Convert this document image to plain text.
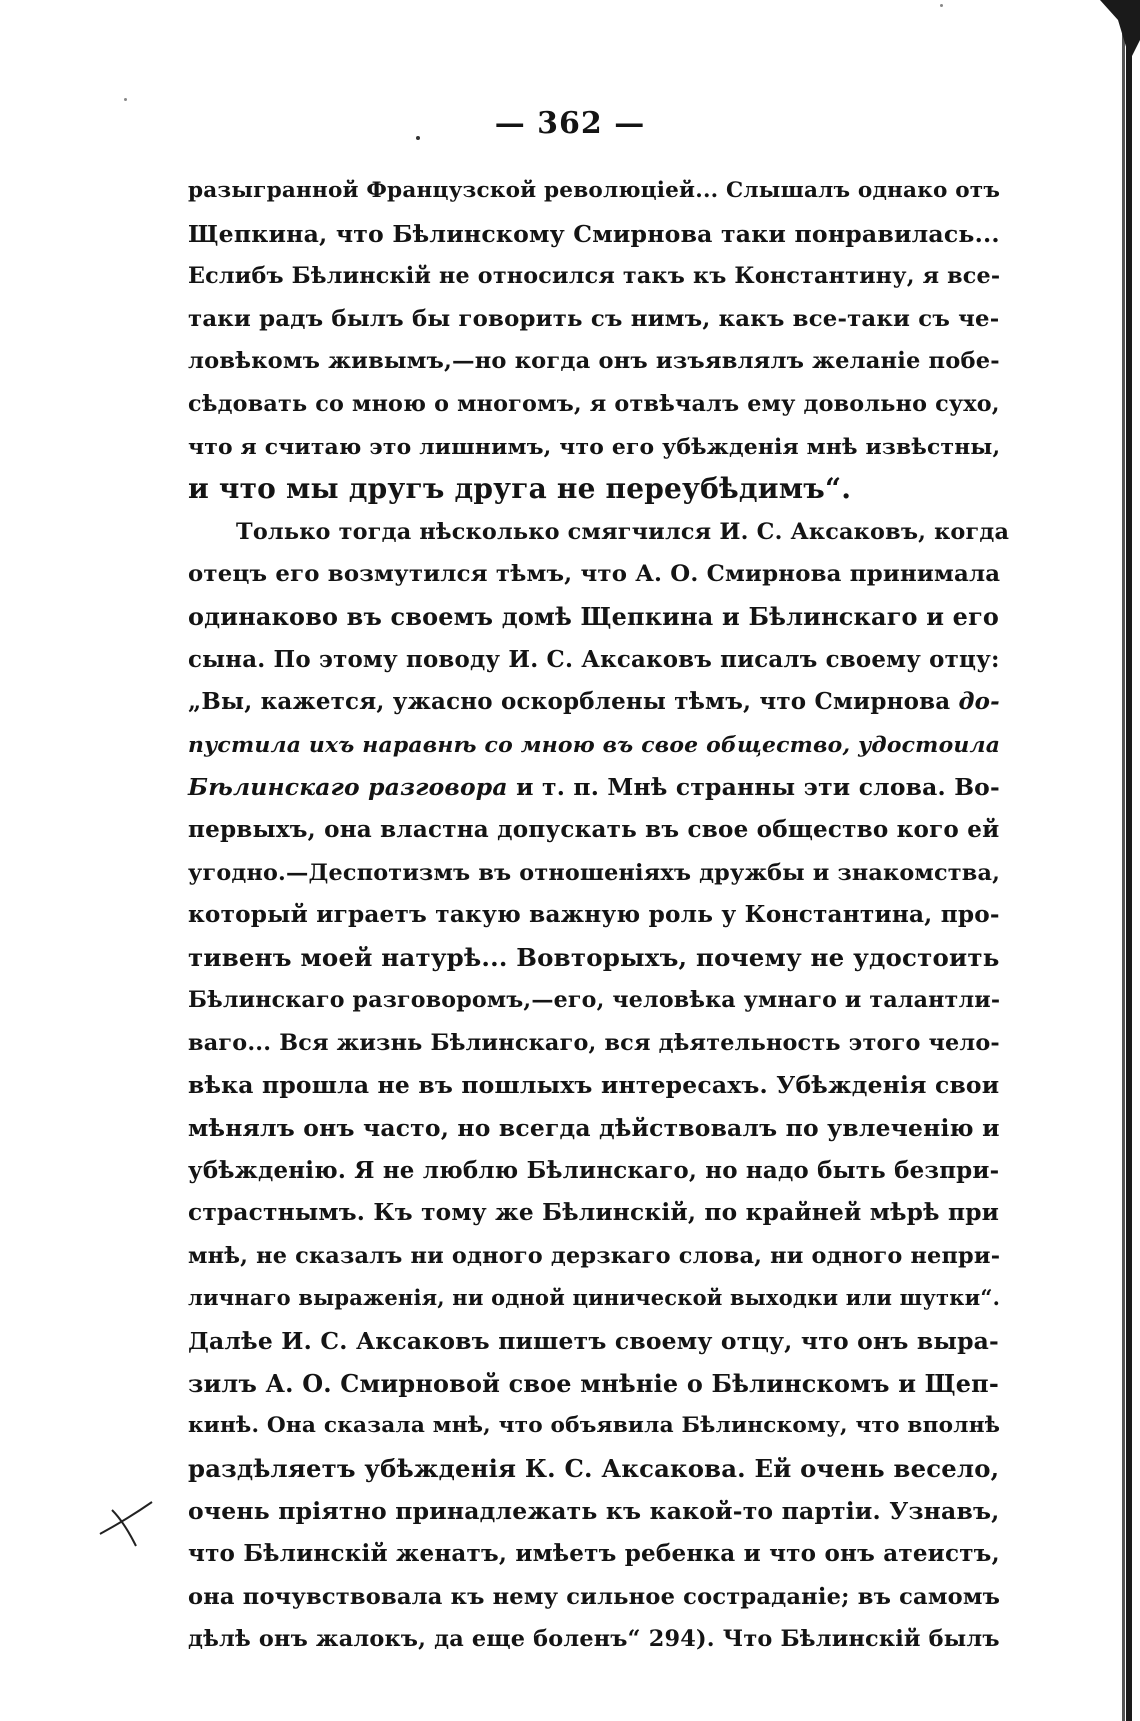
— 362 —
разыгранной Французской революціей... Слышалъ однако отъ
Щепкина, что Бѣлинскому Смирнова таки понравилась...
Еслибъ Бѣлинскій не относился такъ къ Константину, я все-
таки радъ былъ бы говорить съ нимъ, какъ все-таки съ че-
ловѣкомъ живымъ,—но когда онъ изъявлялъ желаніе побе-
сѣдовать со мною о многомъ, я отвѣчалъ ему довольно сухо,
что я считаю это лишнимъ, что его убѣжденія мнѣ извѣстны,
и что мы другъ друга не переубѣдимъ“.
Только тогда нѣсколько смягчился И. С. Аксаковъ, когда
отецъ его возмутился тѣмъ, что А. О. Смирнова принимала
одинаково въ своемъ домѣ Щепкина и Бѣлинскаго и его
сына. По этому поводу И. С. Аксаковъ писалъ своему отцу:
„Вы, кажется, ужасно оскорблены тѣмъ, что Смирнова до-
пустила ихъ наравнѣ со мною въ свое общество, удостоила
Бѣлинскаго разговора и т. п. Мнѣ странны эти слова. Во-
первыхъ, она властна допускать въ свое общество кого ей
угодно.—Деспотизмъ въ отношеніяхъ дружбы и знакомства,
который играетъ такую важную роль у Константина, про-
тивенъ моей натурѣ... Вовторыхъ, почему не удостоить
Бѣлинскаго разговоромъ,—его, человѣка умнаго и талантли-
ваго... Вся жизнь Бѣлинскаго, вся дѣятельность этого чело-
вѣка прошла не въ пошлыхъ интересахъ. Убѣжденія свои
мѣнялъ онъ часто, но всегда дѣйствовалъ по увлеченію и
убѣжденію. Я не люблю Бѣлинскаго, но надо быть безпри-
страстнымъ. Къ тому же Бѣлинскій, по крайней мѣрѣ при
мнѣ, не сказалъ ни одного дерзкаго слова, ни одного непри-
личнаго выраженія, ни одной цинической выходки или шутки“.
Далѣе И. С. Аксаковъ пишетъ своему отцу, что онъ выра-
зилъ А. О. Смирновой свое мнѣніе о Бѣлинскомъ и Щеп-
кинѣ. Она сказала мнѣ, что объявила Бѣлинскому, что вполнѣ
раздѣляетъ убѣжденія К. С. Аксакова. Ей очень весело,
очень пріятно принадлежать къ какой-то партіи. Узнавъ,
что Бѣлинскій женатъ, имѣетъ ребенка и что онъ атеистъ,
она почувствовала къ нему сильное состраданіе; въ самомъ
дѣлѣ онъ жалокъ, да еще боленъ“ 294). Что Бѣлинскій былъ
